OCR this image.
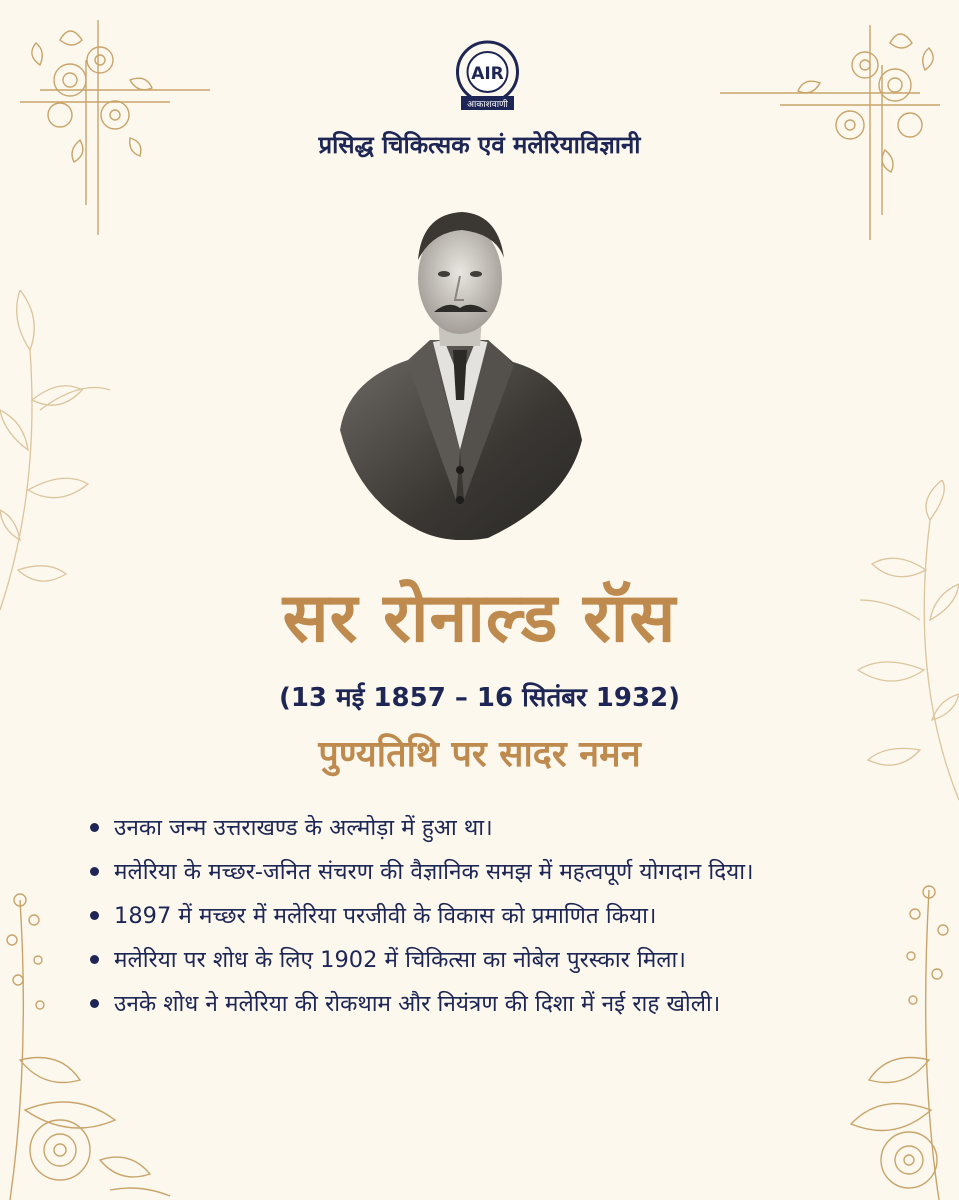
AIR
आकाशवाणी
प्रसिद्ध चिकित्सक एवं मलेरियाविज्ञानी
सर रोनाल्ड रॉस
(13 मई 1857 – 16 सितंबर 1932)
पुण्यतिथि पर सादर नमन
उनका जन्म उत्तराखण्ड के अल्मोड़ा में हुआ था।
मलेरिया के मच्छर-जनित संचरण की वैज्ञानिक समझ में महत्वपूर्ण योगदान दिया।
1897 में मच्छर में मलेरिया परजीवी के विकास को प्रमाणित किया।
मलेरिया पर शोध के लिए 1902 में चिकित्सा का नोबेल पुरस्कार मिला।
उनके शोध ने मलेरिया की रोकथाम और नियंत्रण की दिशा में नई राह खोली।
